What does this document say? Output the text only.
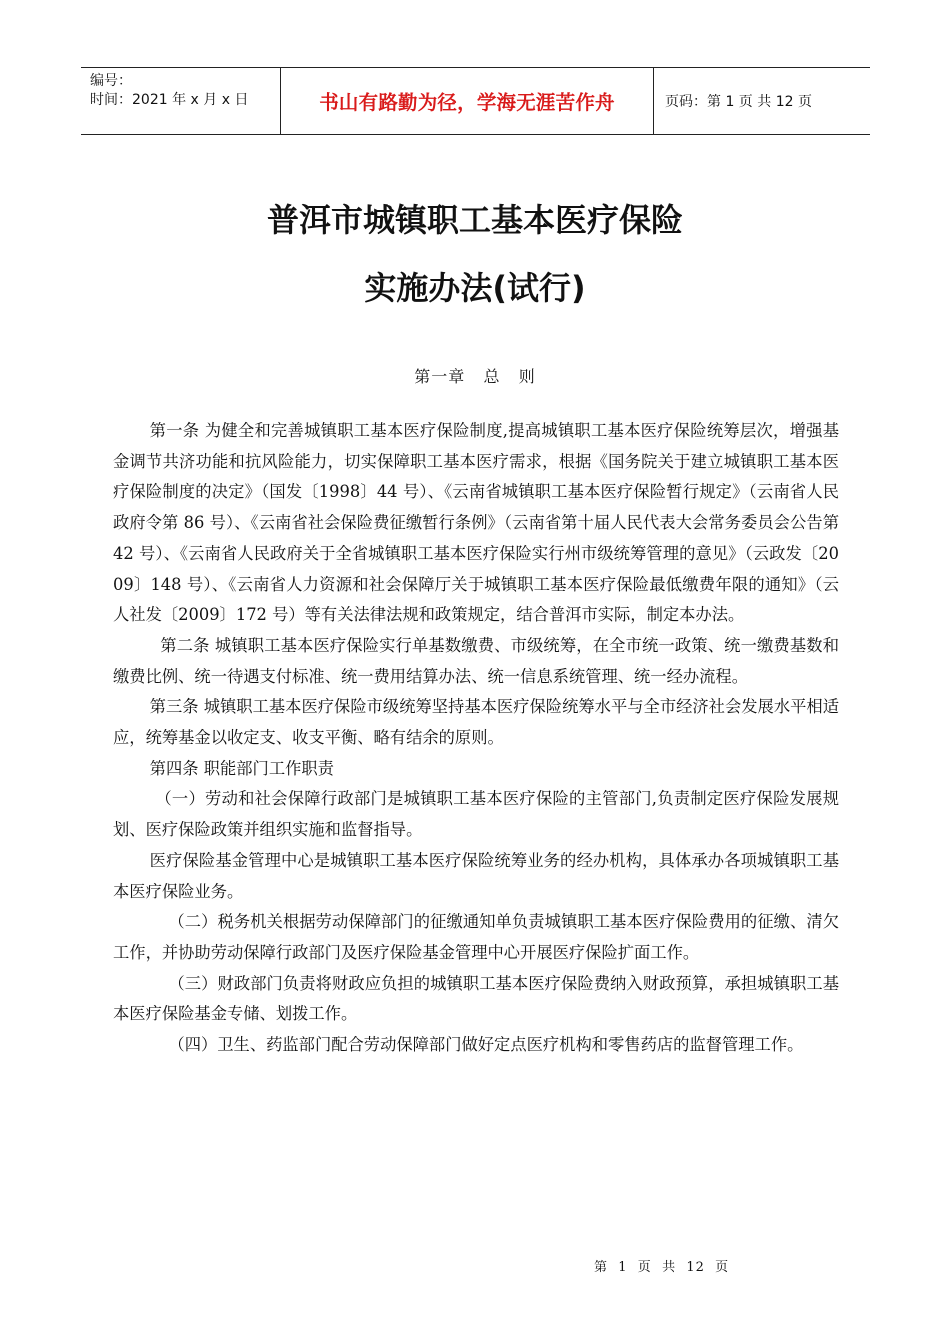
编号：
时间：2021 年 x 月 x 日	书山有路勤为径，学海无涯苦作舟	页码：第 1 页 共 12 页
普洱市城镇职工基本医疗保险
实施办法(试行)
第一章   总   则

第一条 为健全和完善城镇职工基本医疗保险制度,提高城镇职工基本医疗保险统筹层次，增强基金调节共济功能和抗风险能力，切实保障职工基本医疗需求，根据《国务院关于建立城镇职工基本医疗保险制度的决定》（国发〔1998〕44 号）、《云南省城镇职工基本医疗保险暂行规定》（云南省人民政府令第 86 号）、《云南省社会保险费征缴暂行条例》（云南省第十届人民代表大会常务委员会公告第 42 号）、《云南省人民政府关于全省城镇职工基本医疗保险实行州市级统筹管理的意见》（云政发〔2009〕148 号）、《云南省人力资源和社会保障厅关于城镇职工基本医疗保险最低缴费年限的通知》（云人社发〔2009〕172 号）等有关法律法规和政策规定，结合普洱市实际，制定本办法。

第二条 城镇职工基本医疗保险实行单基数缴费、市级统筹，在全市统一政策、统一缴费基数和缴费比例、统一待遇支付标准、统一费用结算办法、统一信息系统管理、统一经办流程。

第三条 城镇职工基本医疗保险市级统筹坚持基本医疗保险统筹水平与全市经济社会发展水平相适应，统筹基金以收定支、收支平衡、略有结余的原则。

第四条 职能部门工作职责

（一）劳动和社会保障行政部门是城镇职工基本医疗保险的主管部门,负责制定医疗保险发展规划、医疗保险政策并组织实施和监督指导。

医疗保险基金管理中心是城镇职工基本医疗保险统筹业务的经办机构，具体承办各项城镇职工基本医疗保险业务。

（二）税务机关根据劳动保障部门的征缴通知单负责城镇职工基本医疗保险费用的征缴、清欠工作，并协助劳动保障行政部门及医疗保险基金管理中心开展医疗保险扩面工作。

（三）财政部门负责将财政应负担的城镇职工基本医疗保险费纳入财政预算，承担城镇职工基本医疗保险基金专储、划拨工作。

（四）卫生、药监部门配合劳动保障部门做好定点医疗机构和零售药店的监督管理工作。

第  1  页  共  12  页
